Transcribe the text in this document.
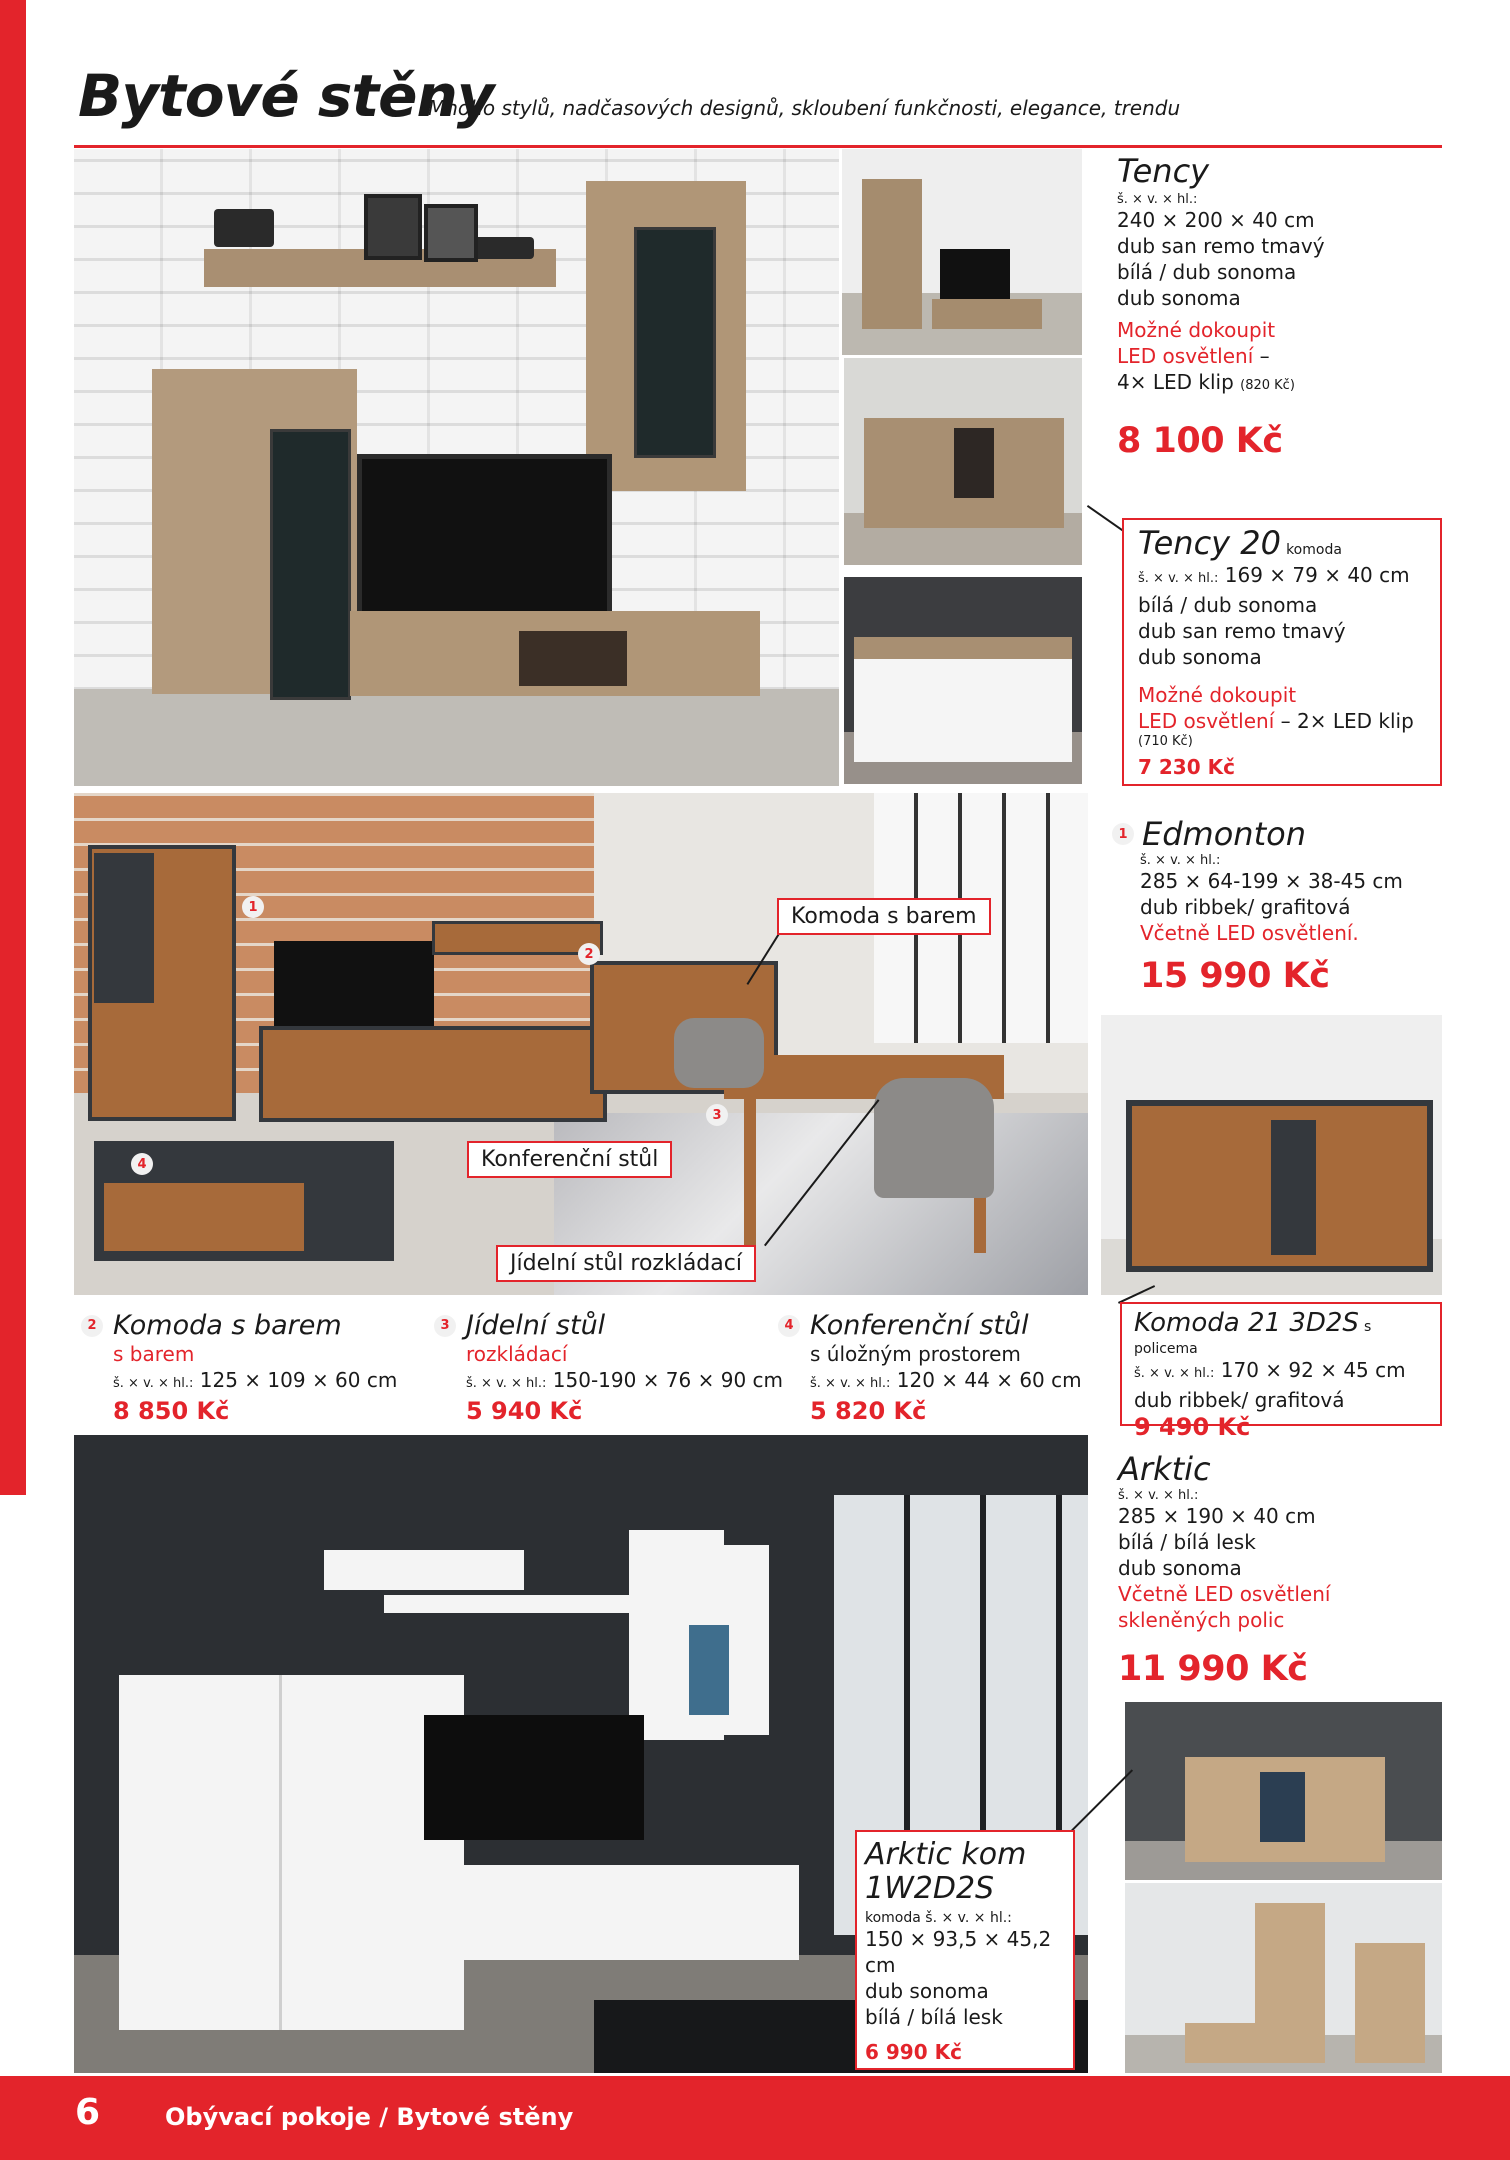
Bytové stěny
Mnoho stylů, nadčasových designů, skloubení funkčnosti, elegance, trendu
Tency
š. × v. × hl.:
240 × 200 × 40 cm
dub san remo tmavý
bílá / dub sonoma
dub sonoma
Možné dokoupit
LED osvětlení –
4× LED klip (820 Kč)
8 100 Kč
Tency 20 komoda
š. × v. × hl.: 169 × 79 × 40 cm
bílá / dub sonoma
dub san remo tmavý
dub sonoma
Možné dokoupit
LED osvětlení – 2× LED klip
(710 Kč)
7 230 Kč
1
2
3
4
Komoda s barem
Konferenční stůl
Jídelní stůl rozkládací
1 Edmonton
š. × v. × hl.:
285 × 64-199 × 38-45 cm
dub ribbek/ grafitová
Včetně LED osvětlení.
15 990 Kč
2 Komoda s barem
s barem
š. × v. × hl.: 125 × 109 × 60 cm
8 850 Kč
3 Jídelní stůl
rozkládací
š. × v. × hl.: 150-190 × 76 × 90 cm
5 940 Kč
4 Konferenční stůl
s úložným prostorem
š. × v. × hl.: 120 × 44 × 60 cm
5 820 Kč
Komoda 21 3D2S s policema
š. × v. × hl.: 170 × 92 × 45 cm
dub ribbek/ grafitová
9 490 Kč
Arktic
š. × v. × hl.:
285 × 190 × 40 cm
bílá / bílá lesk
dub sonoma
Včetně LED osvětlení
skleněných polic
11 990 Kč
Arktic kom
1W2D2S
komoda š. × v. × hl.:
150 × 93,5 × 45,2 cm
dub sonoma
bílá / bílá lesk
6 990 Kč
6	Obývací pokoje / Bytové stěny
